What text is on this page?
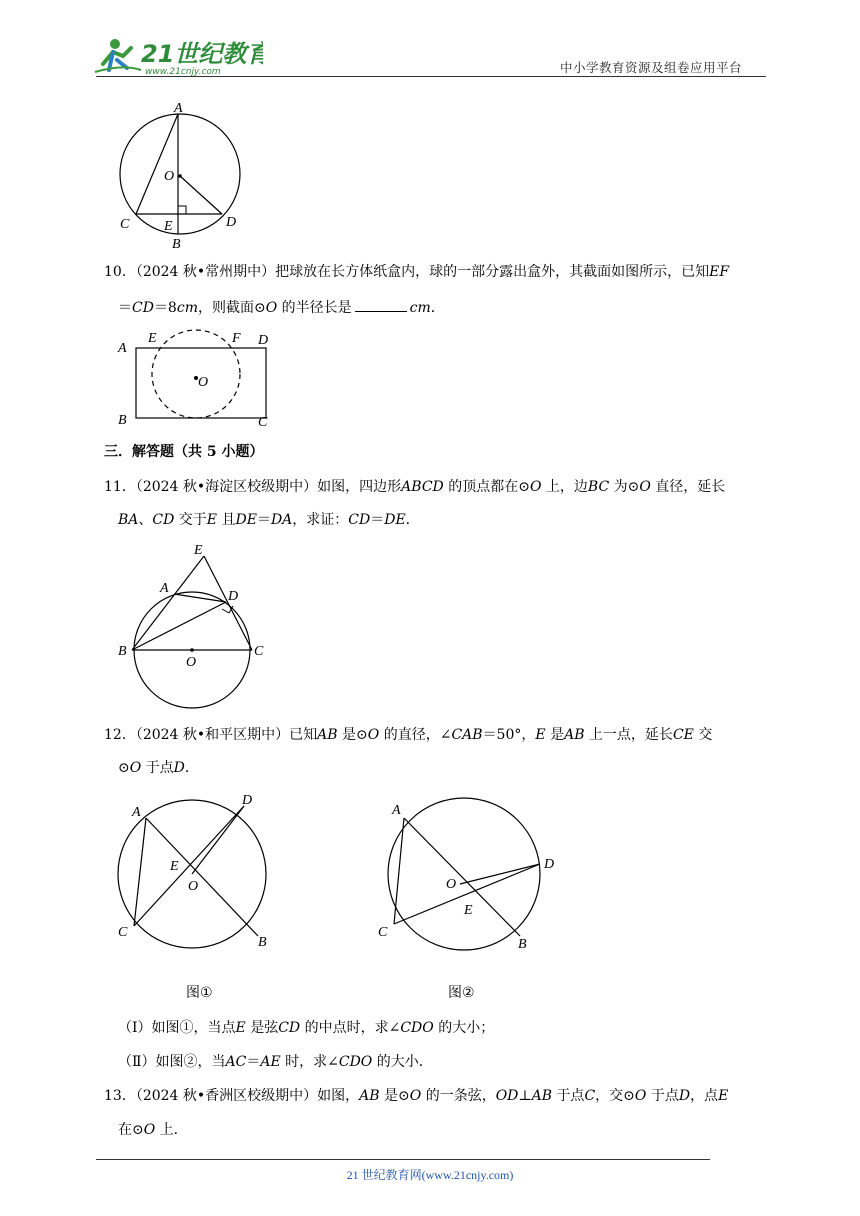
21世纪教育
www.21cnjy.com	中小学教育资源及组卷应用平台
A
O
C E	D
B
10．（2024 秋•常州期中）把球放在长方体纸盒内，球的一部分露出盒外，其截面如图所示，已知EF
＝CD＝8cm，则截面⊙O 的半径长是	cm．
A
E	F D
O
B	C
三．解答题（共 5 小题）
11．（2024 秋•海淀区校级期中）如图，四边形ABCD 的顶点都在⊙O 上，边BC 为⊙O 直径，延长
BA、CD 交于E 且DE＝DA，求证：CD＝DE．
E
A
D
B
O
C
12．（2024 秋•和平区期中）已知AB 是⊙O 的直径，∠CAB＝50°，E 是AB 上一点，延长CE 交
⊙O 于点D．
A
D
E
O
C
B
A
D
O
E
C
B
图①	图②
（Ⅰ）如图①，当点E 是弦CD 的中点时，求∠CDO 的大小；
（Ⅱ）如图②，当AC＝AE 时，求∠CDO 的大小．
13．（2024 秋•香洲区校级期中）如图，AB 是⊙O 的一条弦，OD⊥AB 于点C，交⊙O 于点D，点E
在⊙O 上．
21 世纪教育网(www.21cnjy.com)
